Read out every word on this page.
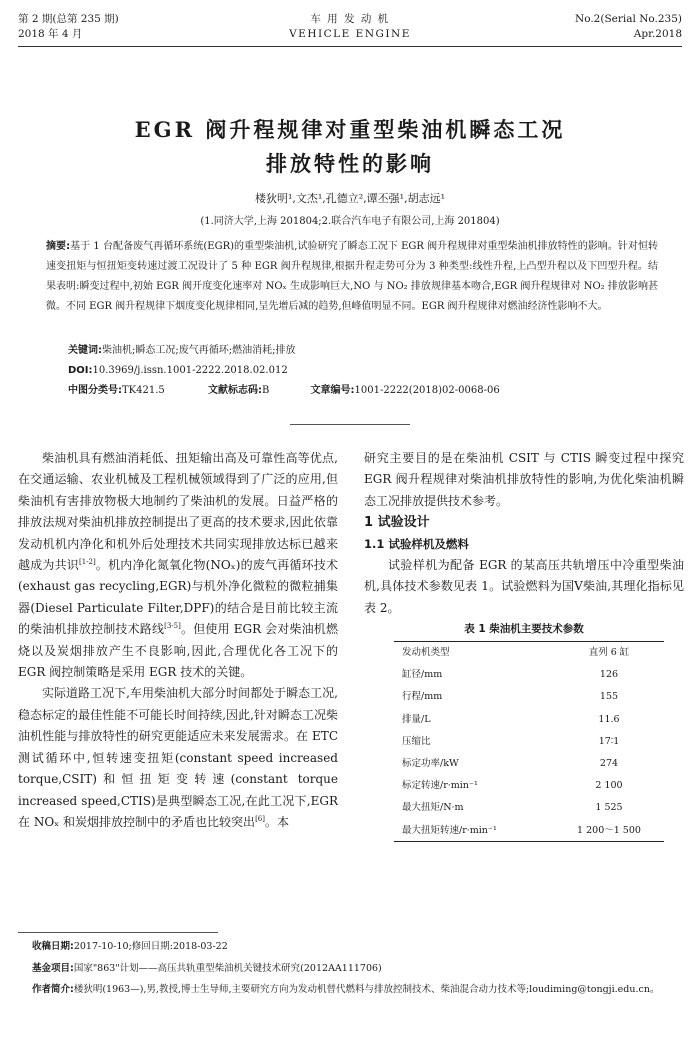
第 2 期(总第 235 期)
2018 年 4 月
车 用 发 动 机
VEHICLE ENGINE
No.2(Serial No.235)
Apr.2018
EGR 阀升程规律对重型柴油机瞬态工况
排放特性的影响
楼狄明¹,文杰¹,孔德立²,谭丕强¹,胡志远¹
(1.同济大学,上海 201804;2.联合汽车电子有限公司,上海 201804)
摘要:基于 1 台配备废气再循环系统(EGR)的重型柴油机,试验研究了瞬态工况下 EGR 阀升程规律对重型柴油机排放特性的影响。针对恒转速变扭矩与恒扭矩变转速过渡工况设计了 5 种 EGR 阀升程规律,根据升程走势可分为 3 种类型:线性升程,上凸型升程以及下凹型升程。结果表明:瞬变过程中,初始 EGR 阀开度变化速率对 NOₓ 生成影响巨大,NO 与 NO₂ 排放规律基本吻合,EGR 阀升程规律对 NO₂ 排放影响甚微。不同 EGR 阀升程规律下烟度变化规律相同,呈先增后减的趋势,但峰值明显不同。EGR 阀升程规律对燃油经济性影响不大。
关键词:柴油机;瞬态工况;废气再循环;燃油消耗;排放
DOI:10.3969/j.issn.1001-2222.2018.02.012
中图分类号:TK421.5	文献标志码:B	文章编号:1001-2222(2018)02-0068-06

柴油机具有燃油消耗低、扭矩输出高及可靠性高等优点,在交通运输、农业机械及工程机械领域得到了广泛的应用,但柴油机有害排放物极大地制约了柴油机的发展。日益严格的排放法规对柴油机排放控制提出了更高的技术要求,因此依靠发动机机内净化和机外后处理技术共同实现排放达标已越来越成为共识[1-2]。机内净化氮氧化物(NOₓ)的废气再循环技术(exhaust gas recycling,EGR)与机外净化微粒的微粒捕集器(Diesel Particulate Filter,DPF)的结合是目前比较主流的柴油机排放控制技术路线[3-5]。但使用 EGR 会对柴油机燃烧以及炭烟排放产生不良影响,因此,合理优化各工况下的 EGR 阀控制策略是采用 EGR 技术的关键。

实际道路工况下,车用柴油机大部分时间都处于瞬态工况,稳态标定的最佳性能不可能长时间持续,因此,针对瞬态工况柴油机性能与排放特性的研究更能适应未来发展需求。在 ETC 测试循环中,恒转速变扭矩(constant speed increased torque,CSIT)和恒扭矩变转速(constant torque increased speed,CTIS)是典型瞬态工况,在此工况下,EGR 在 NOₓ 和炭烟排放控制中的矛盾也比较突出[6]。本

研究主要目的是在柴油机 CSIT 与 CTIS 瞬变过程中探究 EGR 阀升程规律对柴油机排放特性的影响,为优化柴油机瞬态工况排放提供技术参考。

1 试验设计

1.1 试验样机及燃料

试验样机为配备 EGR 的某高压共轨增压中冷重型柴油机,具体技术参数见表 1。试验燃料为国Ⅴ柴油,其理化指标见表 2。

表 1 柴油机主要技术参数

发动机类型	直列 6 缸
缸径/mm	126
行程/mm	155
排量/L	11.6
压缩比	17∶1
标定功率/kW	274
标定转速/r·min⁻¹	2 100
最大扭矩/N·m	1 525
最大扭矩转速/r·min⁻¹	1 200～1 500
收稿日期:2017-10-10;修回日期:2018-03-22
基金项目:国家"863"计划——高压共轨重型柴油机关键技术研究(2012AA111706)
作者简介:楼狄明(1963—),男,教授,博士生导师,主要研究方向为发动机替代燃料与排放控制技术、柴油混合动力技术等;loudiming@tongji.edu.cn。
